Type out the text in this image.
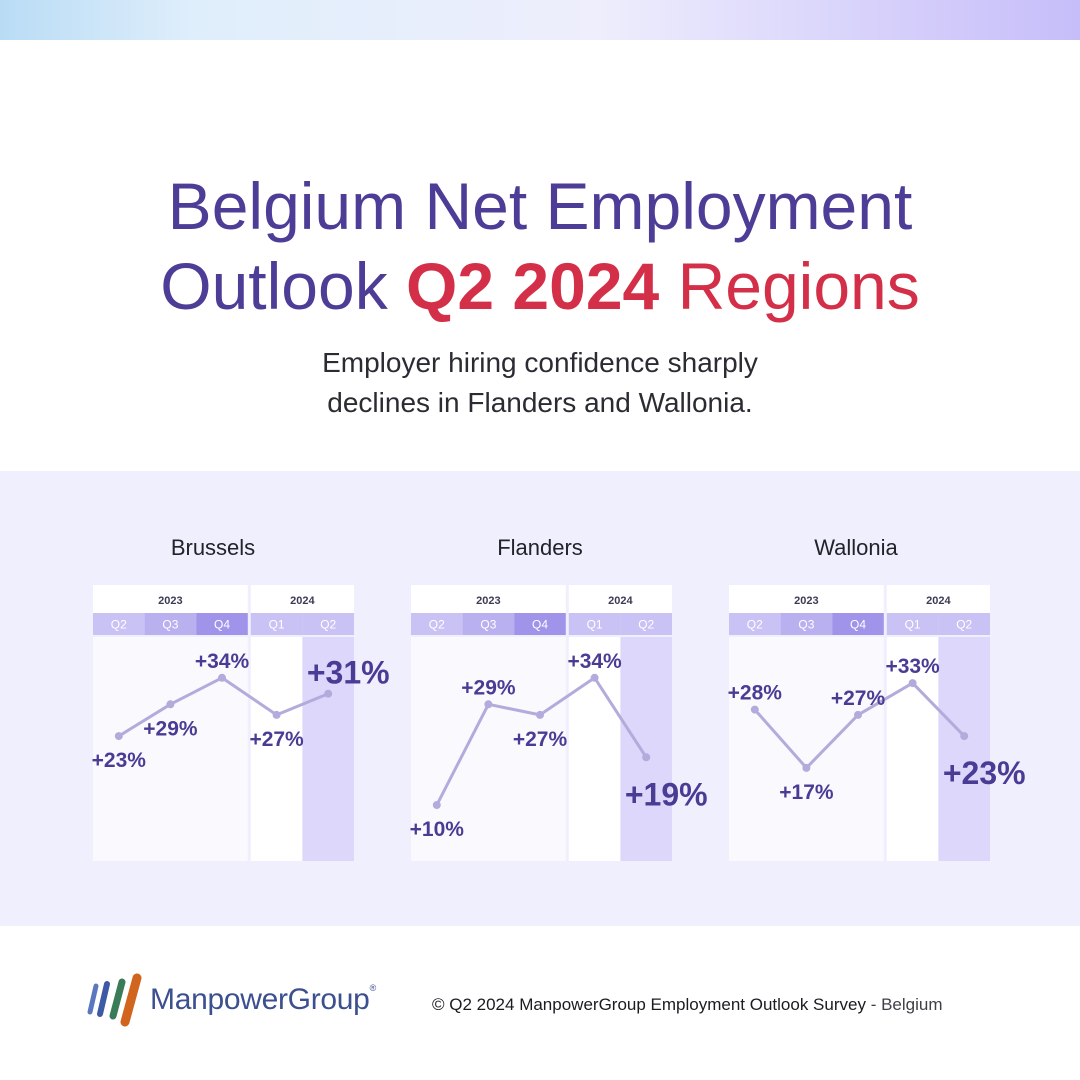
Belgium Net Employment
Outlook Q2 2024 Regions
Employer hiring confidence sharply
declines in Flanders and Wallonia.
Brussels	Flanders	Wallonia
2023	2024
Q2	Q3	Q4	Q1	Q2
+23%
+29%
+34%
+27%
+31%
2023	2024
Q2	Q3	Q4	Q1	Q2
+10%
+29%
+27%
+34%
+19%
2023	2024
Q2	Q3	Q4	Q1	Q2
+28%
+17%
+27%
+33%
+23%
ManpowerGroup®
© Q2 2024 ManpowerGroup Employment Outlook Survey - Belgium
